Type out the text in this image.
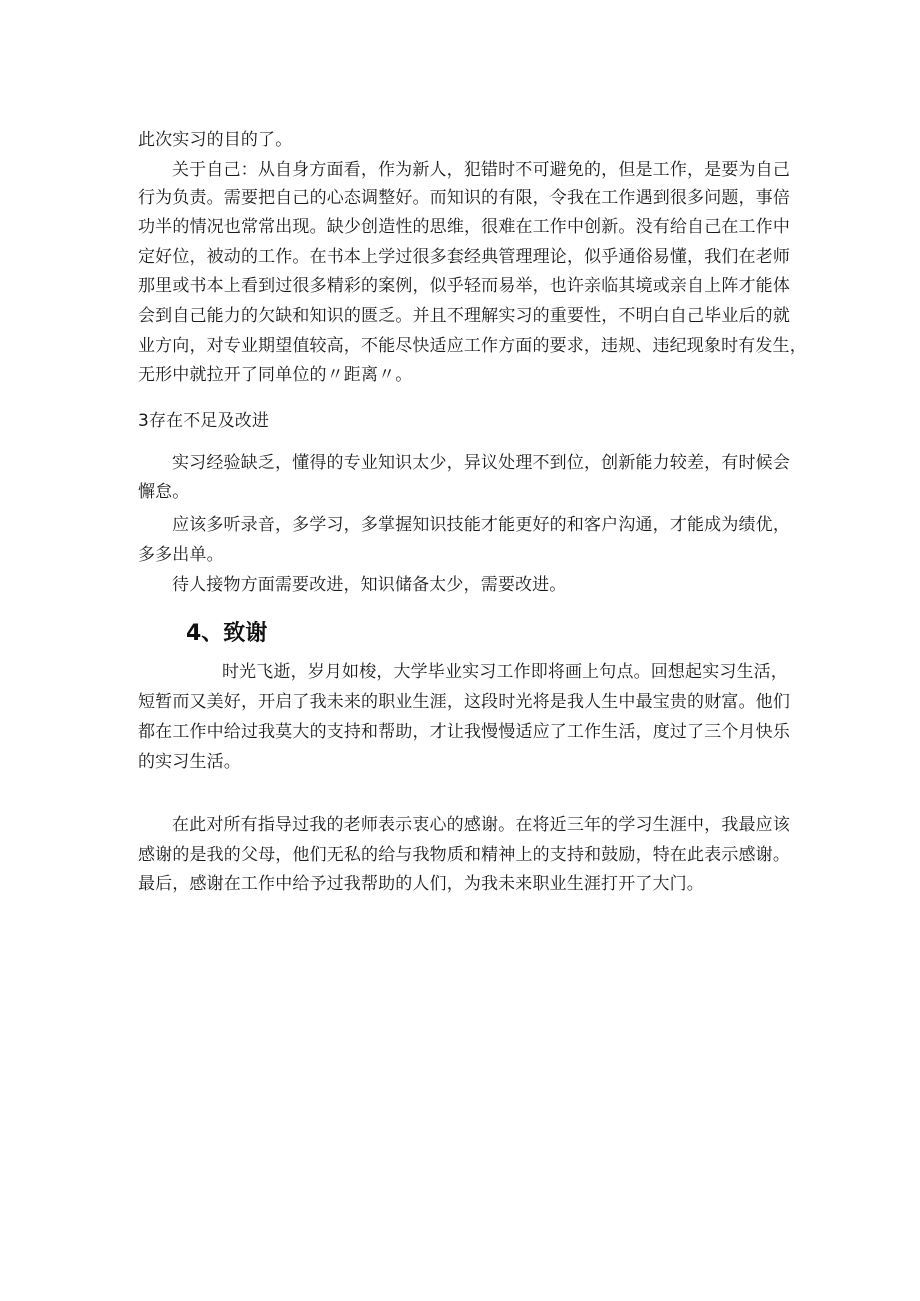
此次实习的目的了。
关于自己：从自身方面看，作为新人，犯错时不可避免的，但是工作，是要为自己
行为负责。需要把自己的心态调整好。而知识的有限，令我在工作遇到很多问题，事倍
功半的情况也常常出现。缺少创造性的思维，很难在工作中创新。没有给自己在工作中
定好位，被动的工作。在书本上学过很多套经典管理理论，似乎通俗易懂，我们在老师
那里或书本上看到过很多精彩的案例，似乎轻而易举，也许亲临其境或亲自上阵才能体
会到自己能力的欠缺和知识的匮乏。并且不理解实习的重要性，不明白自己毕业后的就
业方向，对专业期望值较高，不能尽快适应工作方面的要求，违规、违纪现象时有发生，
无形中就拉开了同单位的〃距离〃。
3存在不足及改进
实习经验缺乏，懂得的专业知识太少，异议处理不到位，创新能力较差，有时候会
懈怠。
应该多听录音，多学习，多掌握知识技能才能更好的和客户沟通，才能成为绩优，
多多出单。
待人接物方面需要改进，知识储备太少，需要改进。
4、致谢
时光飞逝，岁月如梭，大学毕业实习工作即将画上句点。回想起实习生活，
短暂而又美好，开启了我未来的职业生涯，这段时光将是我人生中最宝贵的财富。他们
都在工作中给过我莫大的支持和帮助，才让我慢慢适应了工作生活，度过了三个月快乐
的实习生活。
在此对所有指导过我的老师表示衷心的感谢。在将近三年的学习生涯中，我最应该
感谢的是我的父母，他们无私的给与我物质和精神上的支持和鼓励，特在此表示感谢。
最后，感谢在工作中给予过我帮助的人们，为我未来职业生涯打开了大门。
